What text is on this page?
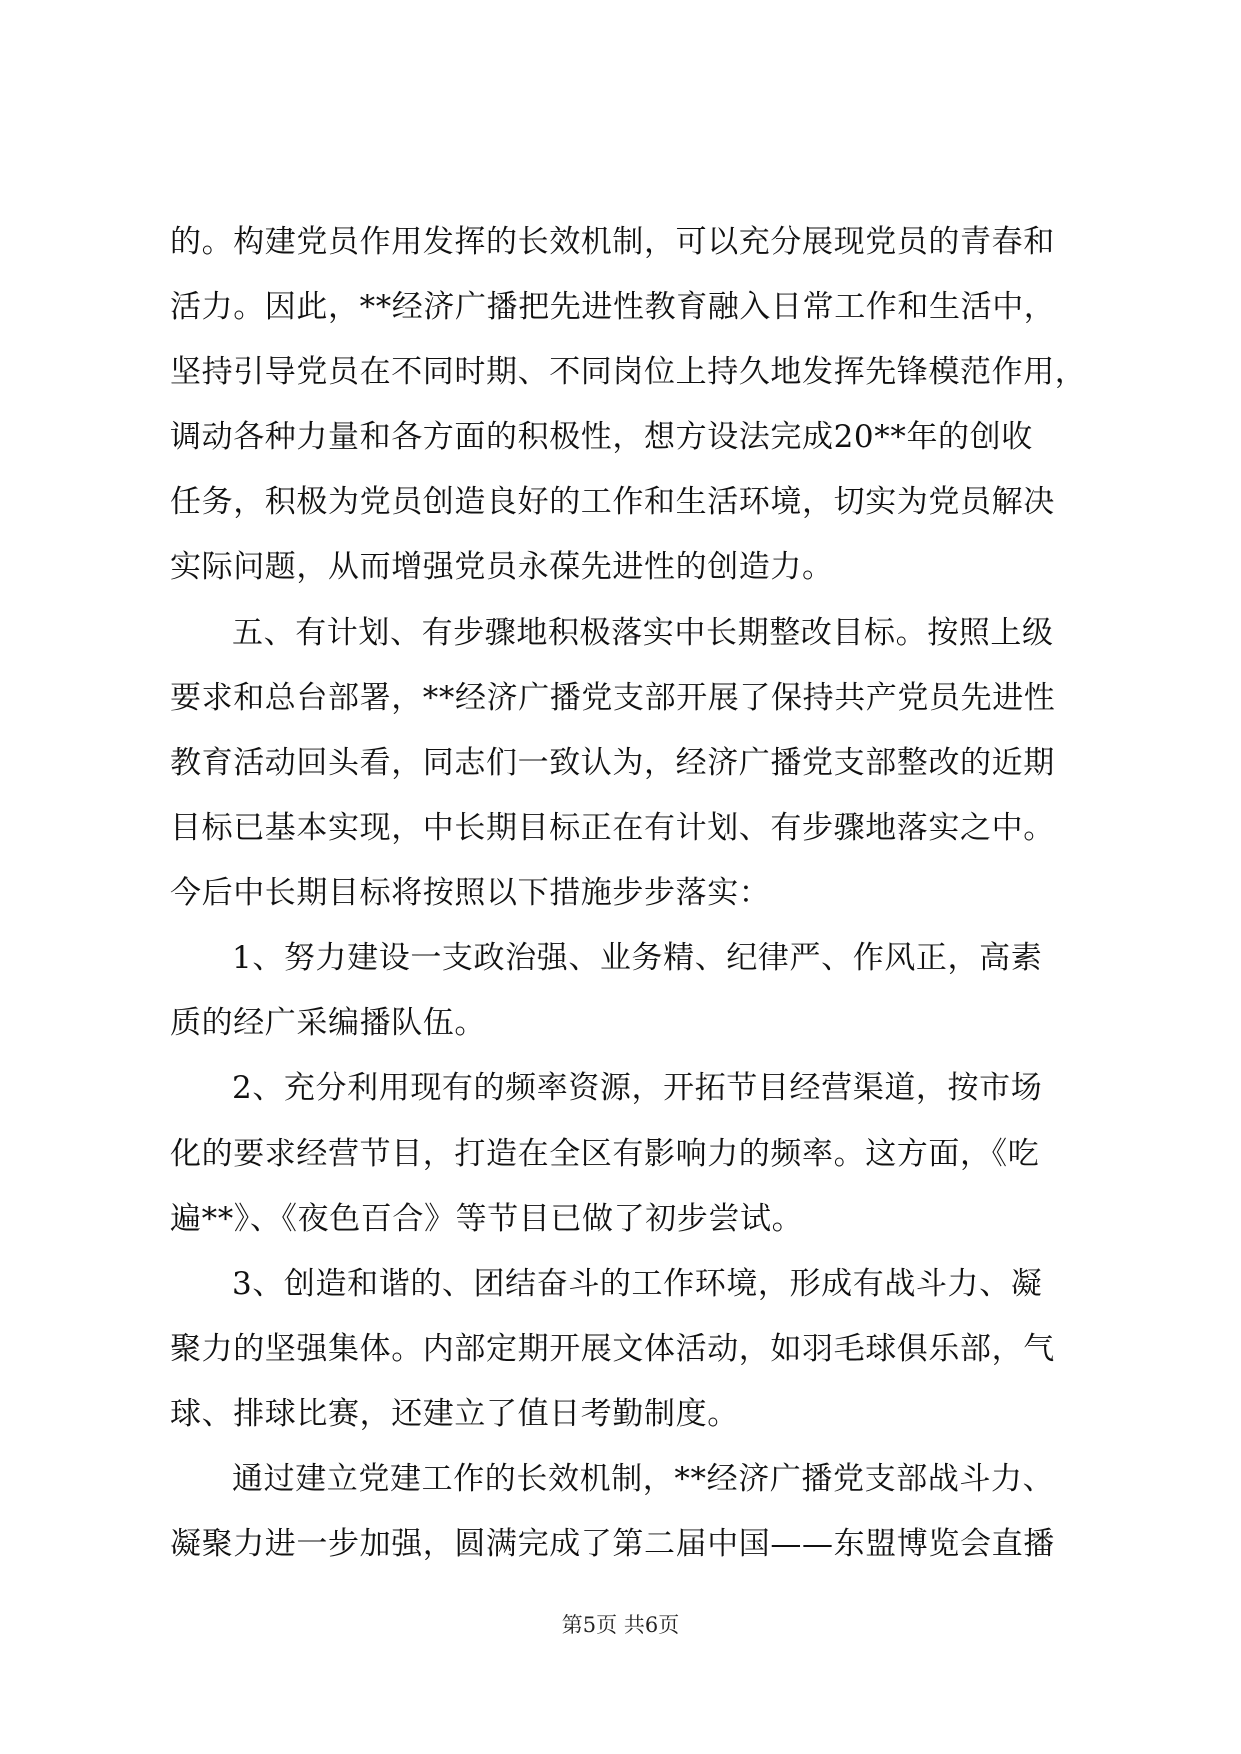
的。构建党员作用发挥的长效机制，可以充分展现党员的青春和
活力。因此，**经济广播把先进性教育融入日常工作和生活中，
坚持引导党员在不同时期、不同岗位上持久地发挥先锋模范作用，
调动各种力量和各方面的积极性，想方设法完成20**年的创收
任务，积极为党员创造良好的工作和生活环境，切实为党员解决
实际问题，从而增强党员永葆先进性的创造力。
五、有计划、有步骤地积极落实中长期整改目标。按照上级
要求和总台部署，**经济广播党支部开展了保持共产党员先进性
教育活动回头看，同志们一致认为，经济广播党支部整改的近期
目标已基本实现，中长期目标正在有计划、有步骤地落实之中。
今后中长期目标将按照以下措施步步落实：
1、努力建设一支政治强、业务精、纪律严、作风正，高素
质的经广采编播队伍。
2、充分利用现有的频率资源，开拓节目经营渠道，按市场
化的要求经营节目，打造在全区有影响力的频率。这方面，《吃
遍**》、《夜色百合》等节目已做了初步尝试。
3、创造和谐的、团结奋斗的工作环境，形成有战斗力、凝
聚力的坚强集体。内部定期开展文体活动，如羽毛球俱乐部，气
球、排球比赛，还建立了值日考勤制度。
通过建立党建工作的长效机制，**经济广播党支部战斗力、
凝聚力进一步加强，圆满完成了第二届中国——东盟博览会直播
第5页 共6页
